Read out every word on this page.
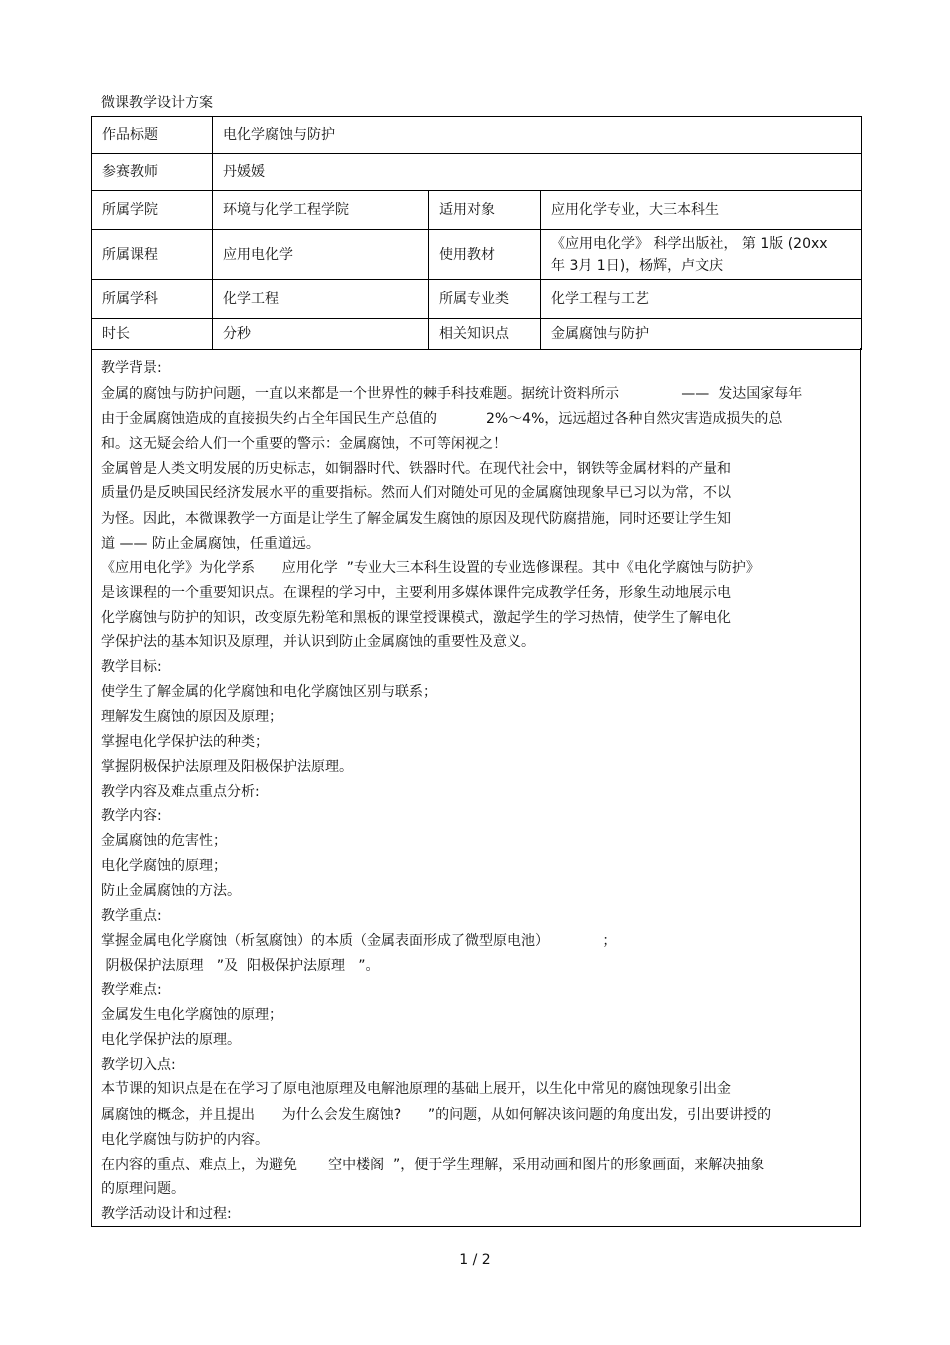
微课教学设计方案
作品标题	电化学腐蚀与防护		
参赛教师	丹媛媛		
所属学院	环境与化学工程学院	适用对象	应用化学专业，大三本科生
所属课程	应用电化学	使用教材	《应用电化学》 科学出版社， 第 1版 (20xx
年 3月 1日)，杨辉，卢文庆

所属学科	化学工程	所属专业类	化学工程与工艺
时长	分秒	相关知识点	金属腐蚀与防护
教学背景:
金属的腐蚀与防护问题，一直以来都是一个世界性的棘手科技难题。据统计资料所示              ——  发达国家每年
由于金属腐蚀造成的直接损失约占全年国民生产总值的           2%～4%，远远超过各种自然灾害造成损失的总
和。这无疑会给人们一个重要的警示：金属腐蚀，不可等闲视之！
金属曾是人类文明发展的历史标志，如铜器时代、铁器时代。在现代社会中，钢铁等金属材料的产量和
质量仍是反映国民经济发展水平的重要指标。然而人们对随处可见的金属腐蚀现象早已习以为常，不以
为怪。因此，本微课教学一方面是让学生了解金属发生腐蚀的原因及现代防腐措施，同时还要让学生知
道 —— 防止金属腐蚀，任重道远。
《应用电化学》为化学系      应用化学  ”专业大三本科生设置的专业选修课程。其中《电化学腐蚀与防护》
是该课程的一个重要知识点。在课程的学习中，主要利用多媒体课件完成教学任务，形象生动地展示电
化学腐蚀与防护的知识，改变原先粉笔和黑板的课堂授课模式，激起学生的学习热情，使学生了解电化
学保护法的基本知识及原理，并认识到防止金属腐蚀的重要性及意义。
教学目标:
使学生了解金属的化学腐蚀和电化学腐蚀区别与联系；
理解发生腐蚀的原因及原理；
掌握电化学保护法的种类；
掌握阴极保护法原理及阳极保护法原理。
教学内容及难点重点分析:
教学内容:
金属腐蚀的危害性；
电化学腐蚀的原理；
防止金属腐蚀的方法。
教学重点:
掌握金属电化学腐蚀（析氢腐蚀）的本质（金属表面形成了微型原电池）            ；
阴极保护法原理   ”及  阳极保护法原理   ”。
教学难点:
金属发生电化学腐蚀的原理；
电化学保护法的原理。
教学切入点:
本节课的知识点是在在学习了原电池原理及电解池原理的基础上展开，以生化中常见的腐蚀现象引出金
属腐蚀的概念，并且提出      为什么会发生腐蚀?      ”的问题，从如何解决该问题的角度出发，引出要讲授的
电化学腐蚀与防护的内容。
在内容的重点、难点上，为避免       空中楼阁  ”，便于学生理解，采用动画和图片的形象画面，来解决抽象
的原理问题。
教学活动设计和过程:
1 / 2
